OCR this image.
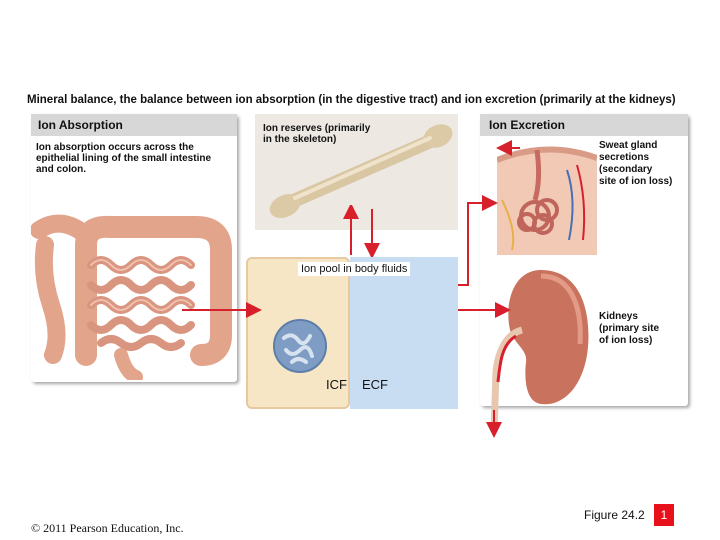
Mineral balance, the balance between ion absorption (in the digestive tract) and ion excretion (primarily at the kidneys)
Ion Absorption
Ion absorption occurs across the
epithelial lining of the small intestine
and colon.
Ion reserves (primarily
in the skeleton)
Ion pool in body fluids
ICF ECF
Ion Excretion
Sweat gland
secretions
(secondary
site of ion loss)
Kidneys
(primary site
of ion loss)
© 2011 Pearson Education, Inc.
Figure 24.2	1
